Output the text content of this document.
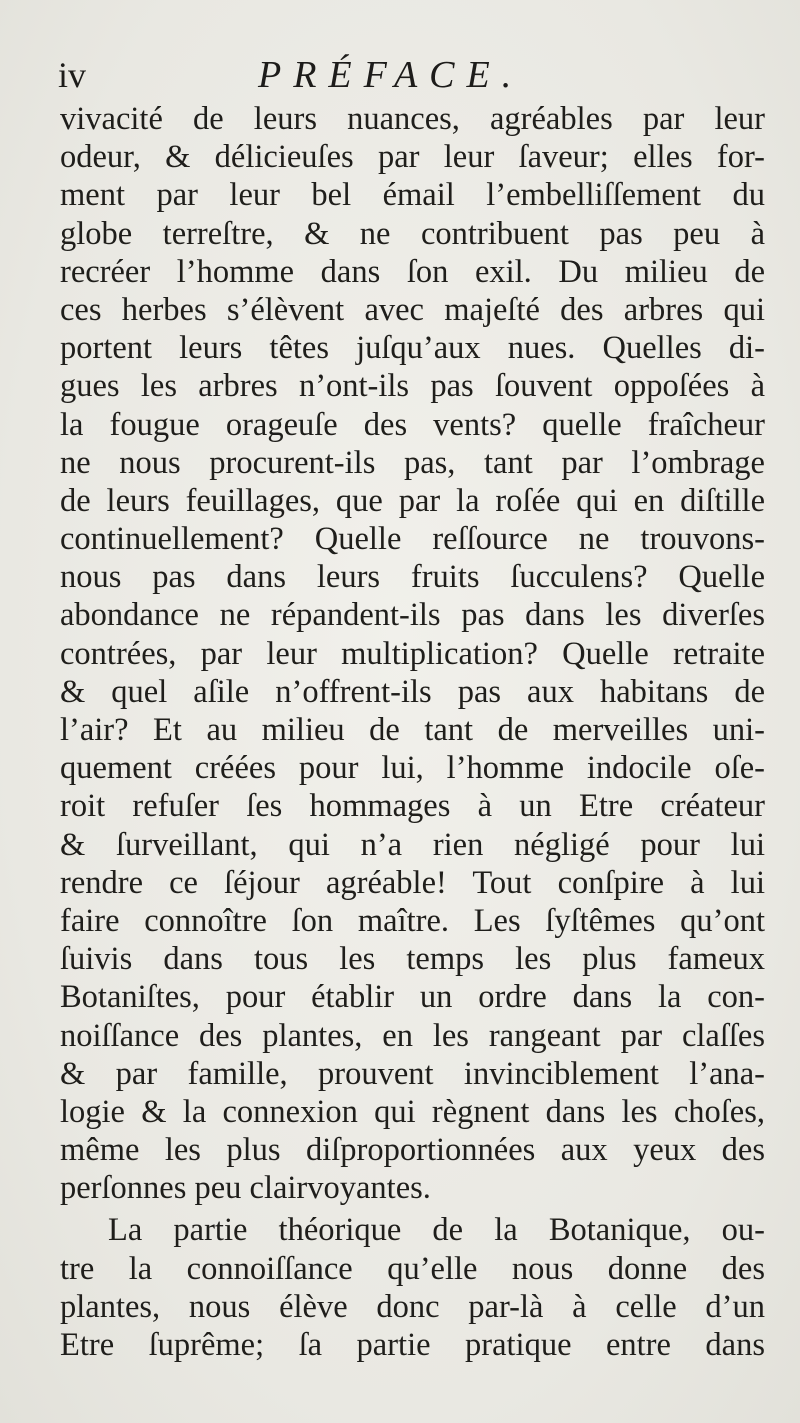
iv	PRÉFACE.
vivacité de leurs nuances, agréables par leur
odeur, & délicieuſes par leur ſaveur; elles for-
ment par leur bel émail l’embelliſſement du
globe terreſtre, & ne contribuent pas peu à
recréer l’homme dans ſon exil. Du milieu de
ces herbes s’élèvent avec majeſté des arbres qui
portent leurs têtes juſqu’aux nues. Quelles di-
gues les arbres n’ont-ils pas ſouvent oppoſées à
la fougue orageuſe des vents? quelle fraîcheur
ne nous procurent-ils pas, tant par l’ombrage
de leurs feuillages, que par la roſée qui en diſtille
continuellement? Quelle reſſource ne trouvons-
nous pas dans leurs fruits ſucculens? Quelle
abondance ne répandent-ils pas dans les diverſes
contrées, par leur multiplication? Quelle retraite
& quel aſile n’offrent-ils pas aux habitans de
l’air? Et au milieu de tant de merveilles uni-
quement créées pour lui, l’homme indocile oſe-
roit refuſer ſes hommages à un Etre créateur
& ſurveillant, qui n’a rien négligé pour lui
rendre ce ſéjour agréable! Tout conſpire à lui
faire connoître ſon maître. Les ſyſtêmes qu’ont
ſuivis dans tous les temps les plus fameux
Botaniſtes, pour établir un ordre dans la con-
noiſſance des plantes, en les rangeant par claſſes
& par famille, prouvent invinciblement l’ana-
logie & la connexion qui règnent dans les choſes,
même les plus diſproportionnées aux yeux des
perſonnes peu clairvoyantes.
La partie théorique de la Botanique, ou-
tre la connoiſſance qu’elle nous donne des
plantes, nous élève donc par-là à celle d’un
Etre ſuprême; ſa partie pratique entre dans
